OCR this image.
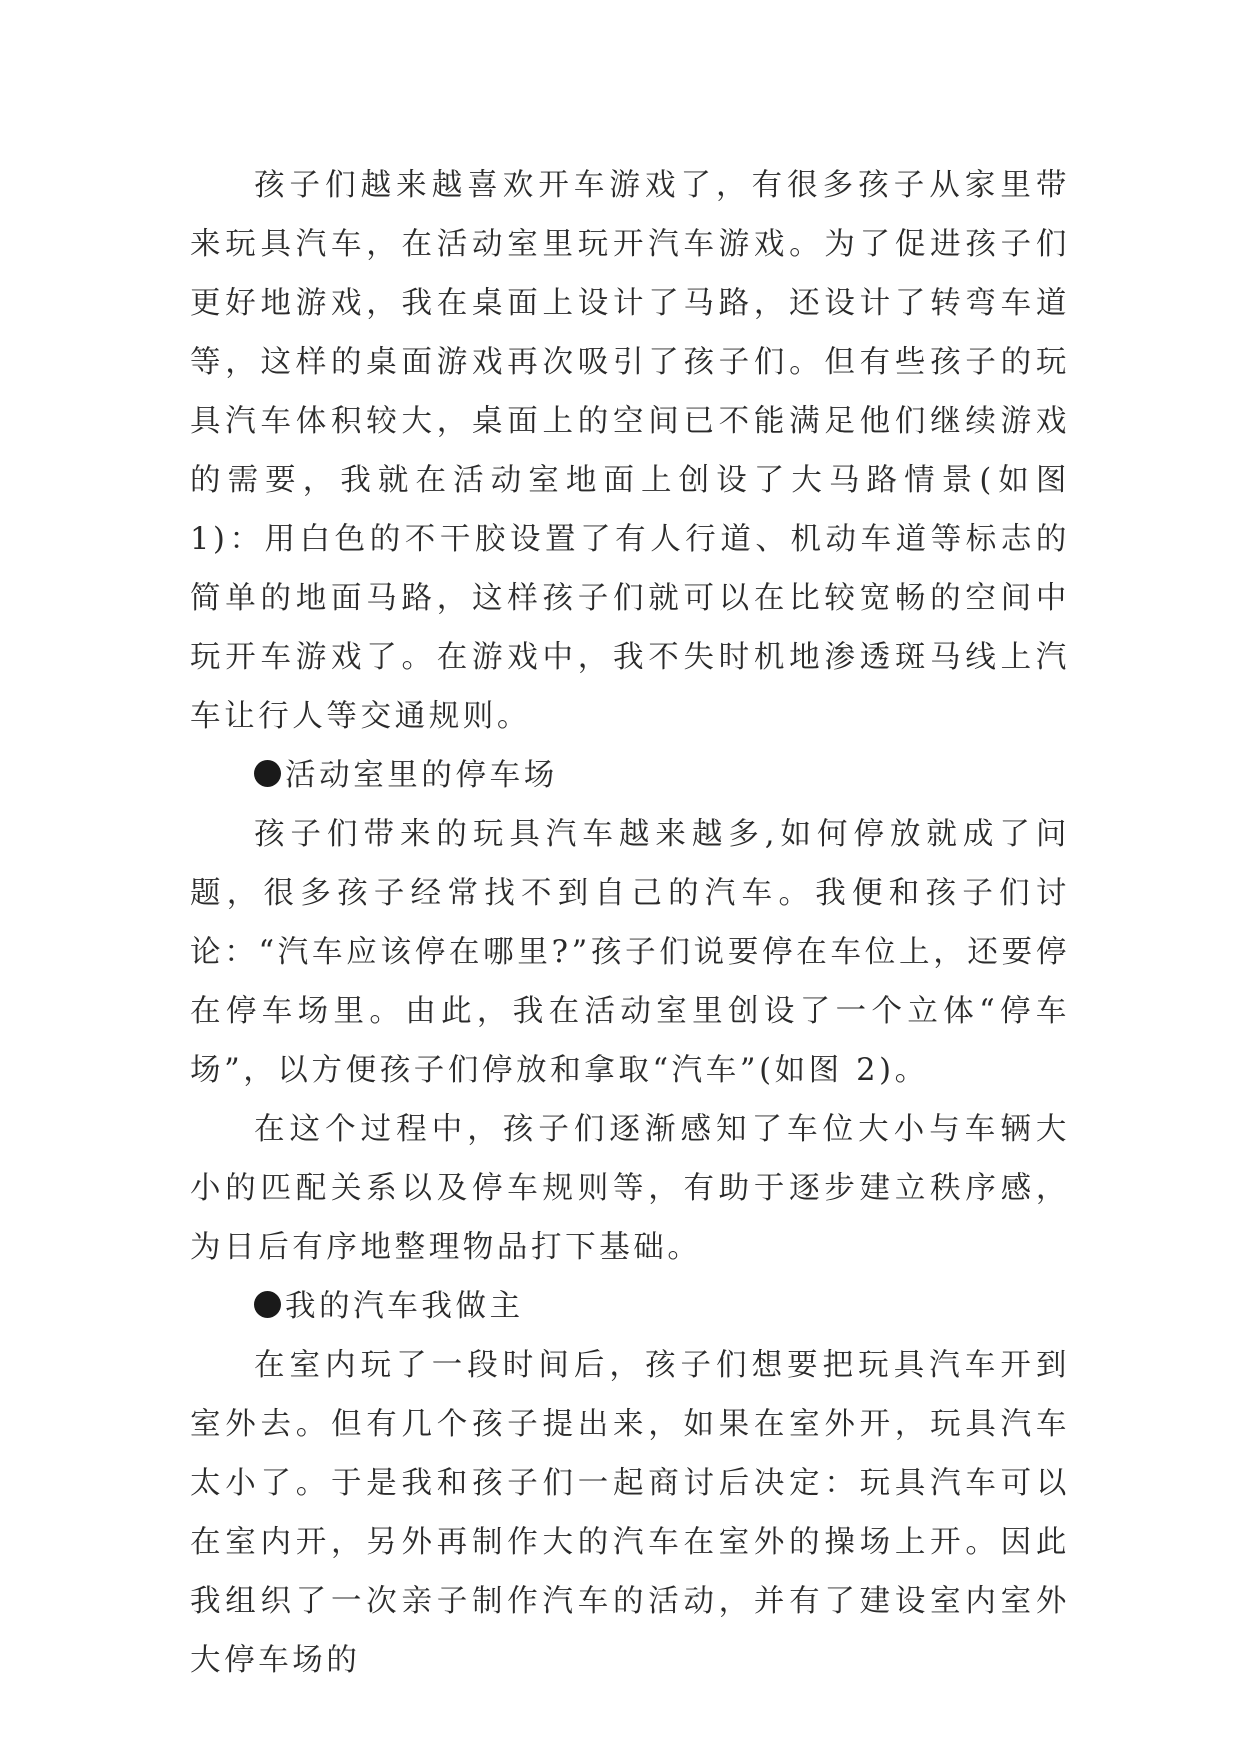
孩子们越来越喜欢开车游戏了，有很多孩子从家里带来玩具汽车，在活动室里玩开汽车游戏。为了促进孩子们更好地游戏，我在桌面上设计了马路，还设计了转弯车道等，这样的桌面游戏再次吸引了孩子们。但有些孩子的玩具汽车体积较大，桌面上的空间已不能满足他们继续游戏的需要，我就在活动室地面上创设了大马路情景(如图 1)：用白色的不干胶设置了有人行道、机动车道等标志的简单的地面马路，这样孩子们就可以在比较宽畅的空间中玩开车游戏了。在游戏中，我不失时机地渗透斑马线上汽车让行人等交通规则。

活动室里的停车场

孩子们带来的玩具汽车越来越多,如何停放就成了问题，很多孩子经常找不到自己的汽车。我便和孩子们讨论：“汽车应该停在哪里?”孩子们说要停在车位上，还要停在停车场里。由此，我在活动室里创设了一个立体“停车场”，以方便孩子们停放和拿取“汽车”(如图 2)。

在这个过程中，孩子们逐渐感知了车位大小与车辆大小的匹配关系以及停车规则等，有助于逐步建立秩序感，为日后有序地整理物品打下基础。

我的汽车我做主

在室内玩了一段时间后，孩子们想要把玩具汽车开到室外去。但有几个孩子提出来，如果在室外开，玩具汽车太小了。于是我和孩子们一起商讨后决定：玩具汽车可以在室内开，另外再制作大的汽车在室外的操场上开。因此我组织了一次亲子制作汽车的活动，并有了建设室内室外大停车场的
